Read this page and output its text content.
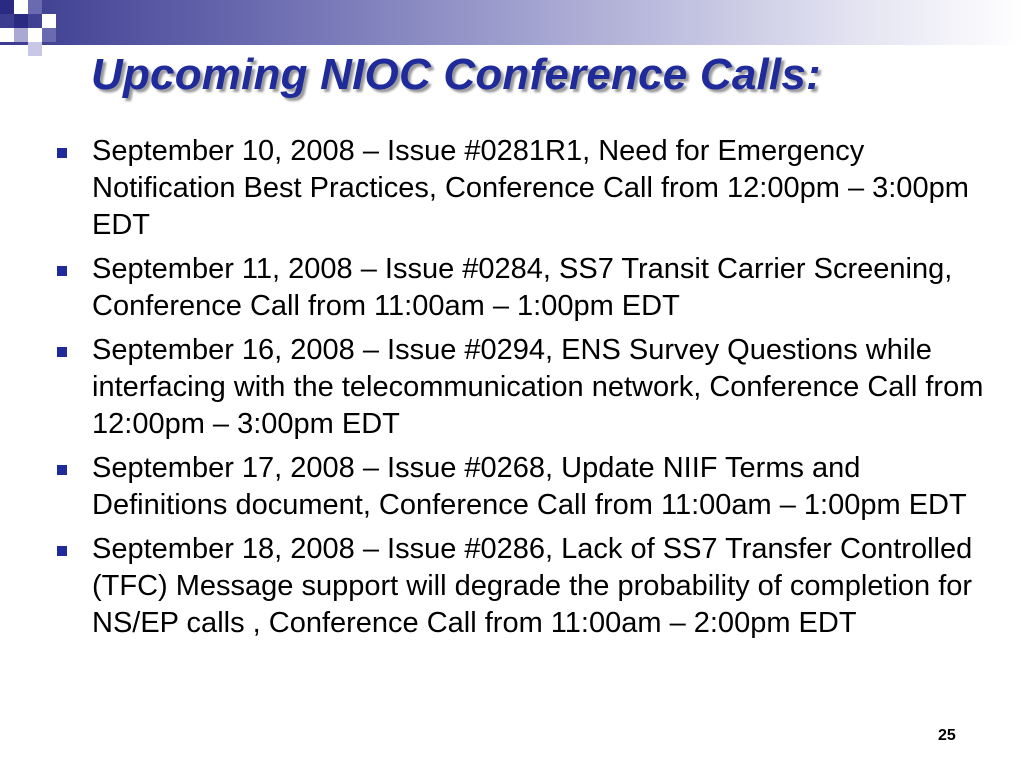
Upcoming NIOC Conference Calls:
September 10, 2008 – Issue #0281R1, Need for Emergency Notification Best Practices, Conference Call from 12:00pm – 3:00pm EDT
September 11, 2008 – Issue #0284, SS7 Transit Carrier Screening, Conference Call from 11:00am – 1:00pm EDT
September 16, 2008 – Issue #0294, ENS Survey Questions while interfacing with the telecommunication network, Conference Call from 12:00pm – 3:00pm EDT
September 17, 2008 – Issue #0268, Update NIIF Terms and Definitions document, Conference Call from 11:00am – 1:00pm EDT
September 18, 2008 – Issue #0286, Lack of SS7 Transfer Controlled (TFC) Message support will degrade the probability of completion for NS/EP calls , Conference Call from 11:00am – 2:00pm EDT
25
